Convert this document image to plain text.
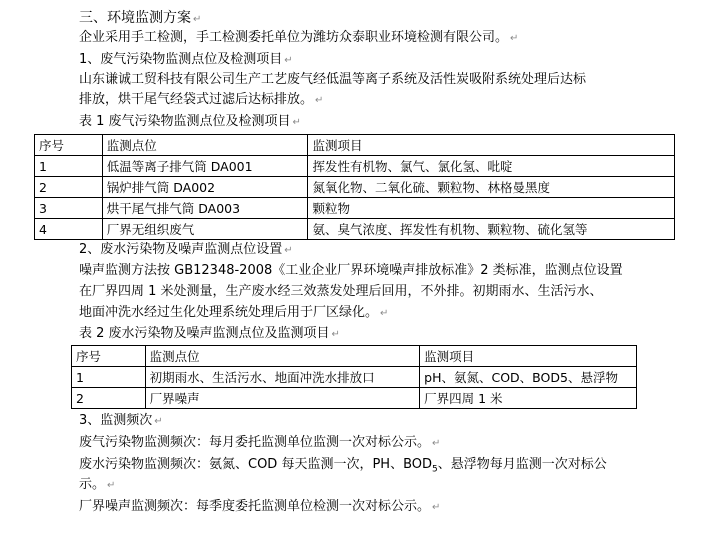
三、环境监测方案 ↵
企业采用手工检测，手工检测委托单位为潍坊众泰职业环境检测有限公司。 ↵
1、废气污染物监测点位及检测项目 ↵
山东谦诚工贸科技有限公司生产工艺废气经低温等离子系统及活性炭吸附系统处理后达标
排放，烘干尾气经袋式过滤后达标排放。 ↵
表 1 废气污染物监测点位及检测项目 ↵
序号	监测点位	监测项目
1	低温等离子排气筒 DA001	挥发性有机物、氯气、氯化氢、吡啶
2	锅炉排气筒 DA002	氮氧化物、二氧化硫、颗粒物、林格曼黑度
3	烘干尾气排气筒 DA003	颗粒物
4	厂界无组织废气	氨、臭气浓度、挥发性有机物、颗粒物、硫化氢等
2、废水污染物及噪声监测点位设置 ↵
噪声监测方法按 GB12348-2008《工业企业厂界环境噪声排放标准》2 类标准，监测点位设置
在厂界四周 1 米处测量，生产废水经三效蒸发处理后回用，不外排。初期雨水、生活污水、
地面冲洗水经过生化处理系统处理后用于厂区绿化。 ↵
表 2 废水污染物及噪声监测点位及监测项目 ↵
序号	监测点位	监测项目
1	初期雨水、生活污水、地面冲洗水排放口	pH、氨氮、COD、BOD5、悬浮物
2	厂界噪声	厂界四周 1 米
3、监测频次 ↵
废气污染物监测频次：每月委托监测单位监测一次对标公示。 ↵
废水污染物监测频次：氨氮、COD 每天监测一次，PH、$BOD_5$、悬浮物每月监测一次对标公
示。 ↵
厂界噪声监测频次：每季度委托监测单位检测一次对标公示。 ↵
